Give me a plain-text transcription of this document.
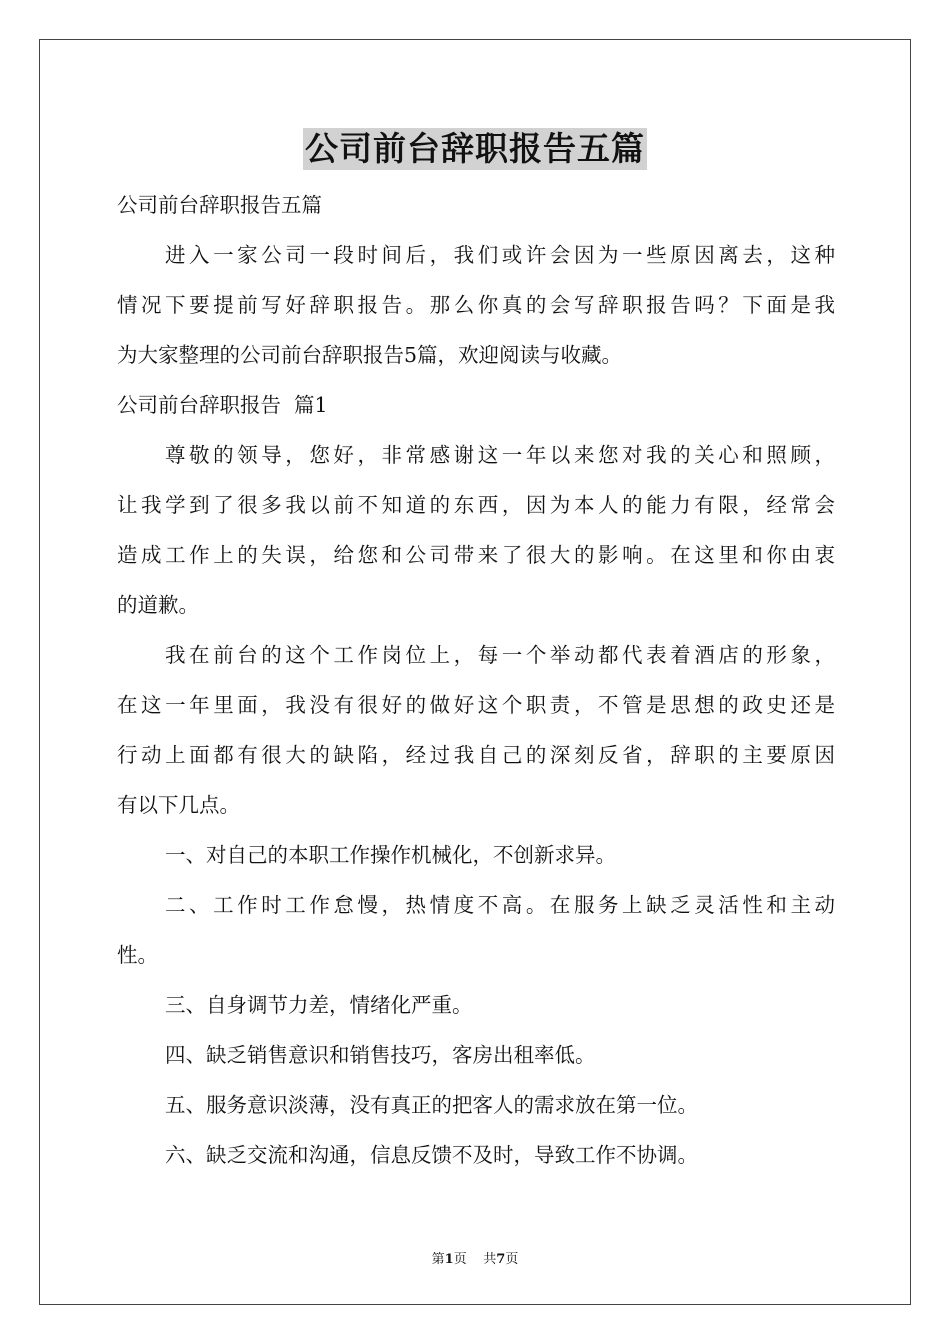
公司前台辞职报告五篇

公司前台辞职报告五篇

进入一家公司一段时间后，我们或许会因为一些原因离去，这种

情况下要提前写好辞职报告。那么你真的会写辞职报告吗？下面是我

为大家整理的公司前台辞职报告5篇，欢迎阅读与收藏。

公司前台辞职报告  篇1

尊敬的领导，您好，非常感谢这一年以来您对我的关心和照顾，

让我学到了很多我以前不知道的东西，因为本人的能力有限，经常会

造成工作上的失误，给您和公司带来了很大的影响。在这里和你由衷

的道歉。

我在前台的这个工作岗位上，每一个举动都代表着酒店的形象，

在这一年里面，我没有很好的做好这个职责，不管是思想的政史还是

行动上面都有很大的缺陷，经过我自己的深刻反省，辞职的主要原因

有以下几点。

一、对自己的本职工作操作机械化，不创新求异。

二、工作时工作怠慢，热情度不高。在服务上缺乏灵活性和主动

性。

三、自身调节力差，情绪化严重。

四、缺乏销售意识和销售技巧，客房出租率低。

五、服务意识淡薄，没有真正的把客人的需求放在第一位。

六、缺乏交流和沟通，信息反馈不及时，导致工作不协调。

第1页 共7页
